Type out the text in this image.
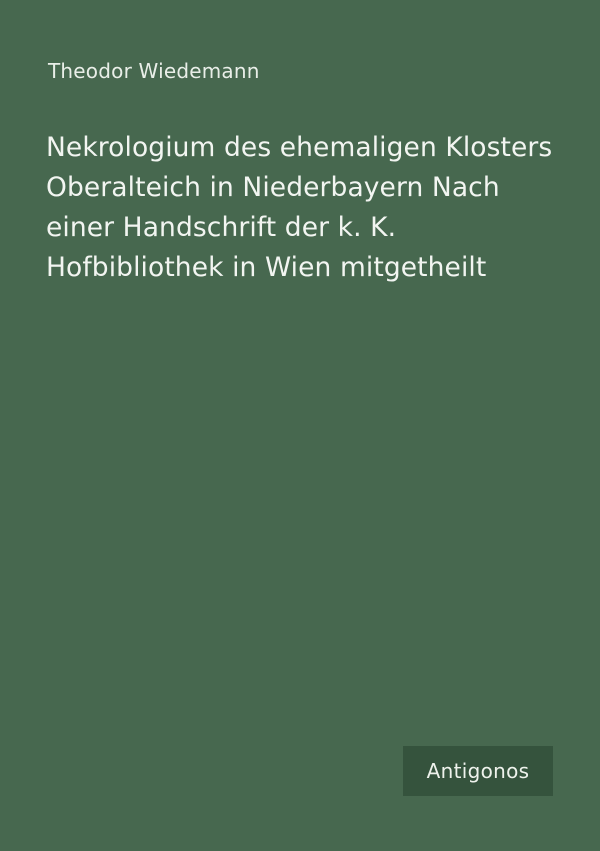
Theodor Wiedemann
Nekrologium des ehemaligen Klosters Oberalteich in Niederbayern Nach einer Handschrift der k. K. Hofbibliothek in Wien mitgetheilt
Antigonos
